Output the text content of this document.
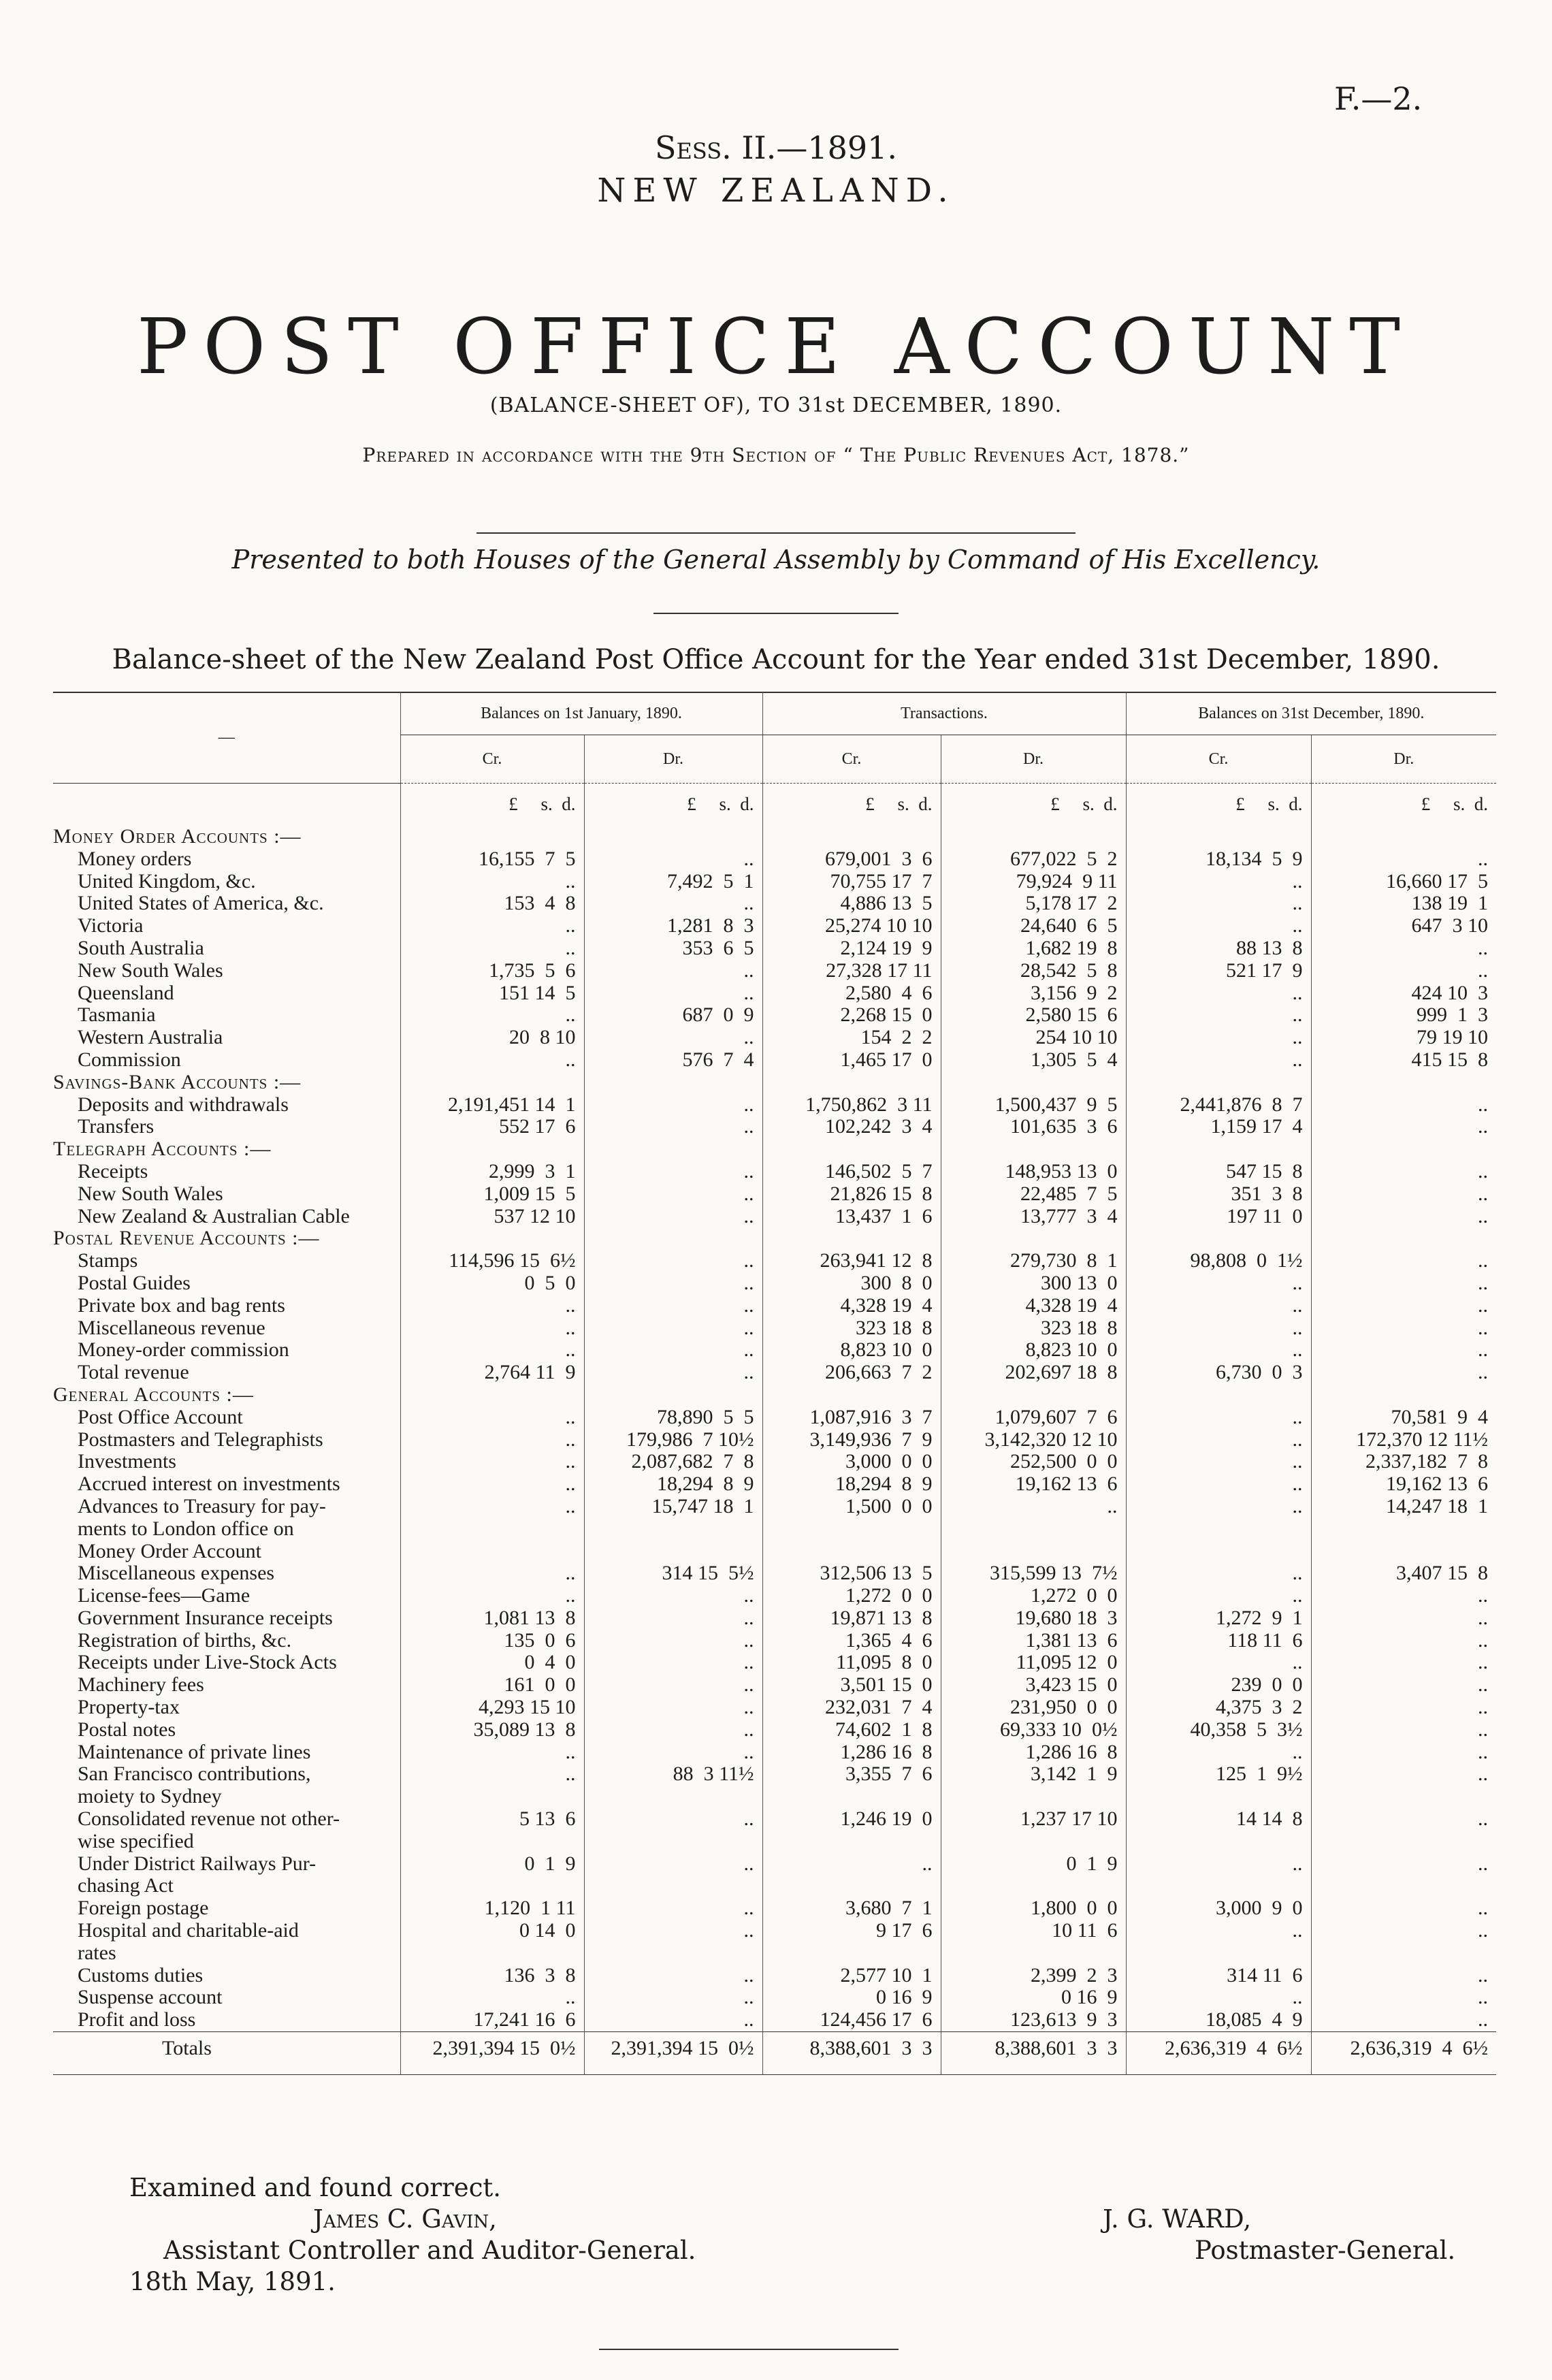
F.—2.
Sess. II.—1891.
NEW ZEALAND.
POST OFFICE ACCOUNT
(BALANCE-SHEET OF), TO 31st DECEMBER, 1890.
Prepared in accordance with the 9th Section of “ The Public Revenues Act, 1878.”
Presented to both Houses of the General Assembly by Command of His Excellency.
Balance-sheet of the New Zealand Post Office Account for the Year ended 31st December, 1890.
—	Balances on 1st January, 1890.		Transactions.		Balances on 31st December, 1890.	
	Cr.	Dr.	Cr.	Dr.	Cr.	Dr.
	£     s.  d.	£     s.  d.	£     s.  d.	£     s.  d.	£     s.  d.	£     s.  d.
Money Order Accounts :—						
Money orders	16,155  7  5	..	679,001  3  6	677,022  5  2	18,134  5  9	..
United Kingdom, &c.	..	7,492  5  1	70,755 17  7	79,924  9 11	..	16,660 17  5
United States of America, &c.	153  4  8	..	4,886 13  5	5,178 17  2	..	138 19  1
Victoria	..	1,281  8  3	25,274 10 10	24,640  6  5	..	647  3 10
South Australia	..	353  6  5	2,124 19  9	1,682 19  8	88 13  8	..
New South Wales	1,735  5  6	..	27,328 17 11	28,542  5  8	521 17  9	..
Queensland	151 14  5	..	2,580  4  6	3,156  9  2	..	424 10  3
Tasmania	..	687  0  9	2,268 15  0	2,580 15  6	..	999  1  3
Western Australia	20  8 10	..	154  2  2	254 10 10	..	79 19 10
Commission	..	576  7  4	1,465 17  0	1,305  5  4	..	415 15  8
Savings-Bank Accounts :—						
Deposits and withdrawals	2,191,451 14  1	..	1,750,862  3 11	1,500,437  9  5	2,441,876  8  7	..
Transfers	552 17  6	..	102,242  3  4	101,635  3  6	1,159 17  4	..
Telegraph Accounts :—						
Receipts	2,999  3  1	..	146,502  5  7	148,953 13  0	547 15  8	..
New South Wales	1,009 15  5	..	21,826 15  8	22,485  7  5	351  3  8	..
New Zealand & Australian Cable	537 12 10	..	13,437  1  6	13,777  3  4	197 11  0	..
Postal Revenue Accounts :—						
Stamps	114,596 15  6½	..	263,941 12  8	279,730  8  1	98,808  0  1½	..
Postal Guides	0  5  0	..	300  8  0	300 13  0	..	..
Private box and bag rents	..	..	4,328 19  4	4,328 19  4	..	..
Miscellaneous revenue	..	..	323 18  8	323 18  8	..	..
Money-order commission	..	..	8,823 10  0	8,823 10  0	..	..
Total revenue	2,764 11  9	..	206,663  7  2	202,697 18  8	6,730  0  3	..
General Accounts :—						
Post Office Account	..	78,890  5  5	1,087,916  3  7	1,079,607  7  6	..	70,581  9  4
Postmasters and Telegraphists	..	179,986  7 10½	3,149,936  7  9	3,142,320 12 10	..	172,370 12 11½
Investments	..	2,087,682  7  8	3,000  0  0	252,500  0  0	..	2,337,182  7  8
Accrued interest on investments	..	18,294  8  9	18,294  8  9	19,162 13  6	..	19,162 13  6
Advances to Treasury for pay-	..	15,747 18  1	1,500  0  0	..	..	14,247 18  1
ments to London office on						
Money Order Account						
Miscellaneous expenses	..	314 15  5½	312,506 13  5	315,599 13  7½	..	3,407 15  8
License-fees—Game	..	..	1,272  0  0	1,272  0  0	..	..
Government Insurance receipts	1,081 13  8	..	19,871 13  8	19,680 18  3	1,272  9  1	..
Registration of births, &c.	135  0  6	..	1,365  4  6	1,381 13  6	118 11  6	..
Receipts under Live-Stock Acts	0  4  0	..	11,095  8  0	11,095 12  0	..	..
Machinery fees	161  0  0	..	3,501 15  0	3,423 15  0	239  0  0	..
Property-tax	4,293 15 10	..	232,031  7  4	231,950  0  0	4,375  3  2	..
Postal notes	35,089 13  8	..	74,602  1  8	69,333 10  0½	40,358  5  3½	..
Maintenance of private lines	..	..	1,286 16  8	1,286 16  8	..	..
San Francisco contributions,	..	88  3 11½	3,355  7  6	3,142  1  9	125  1  9½	..
moiety to Sydney						
Consolidated revenue not other-	5 13  6	..	1,246 19  0	1,237 17 10	14 14  8	..
wise specified						
Under District Railways Pur-	0  1  9	..	..	0  1  9	..	..
chasing Act						
Foreign postage	1,120  1 11	..	3,680  7  1	1,800  0  0	3,000  9  0	..
Hospital and charitable-aid	0 14  0	..	9 17  6	10 11  6	..	..
rates						
Customs duties	136  3  8	..	2,577 10  1	2,399  2  3	314 11  6	..
Suspense account	..	..	0 16  9	0 16  9	..	..
Profit and loss	17,241 16  6	..	124,456 17  6	123,613  9  3	18,085  4  9	..
Totals	2,391,394 15  0½	2,391,394 15  0½	8,388,601  3  3	8,388,601  3  3	2,636,319  4  6½	2,636,319  4  6½
Examined and found correct.
James C. Gavin,
Assistant Controller and Auditor-General.
18th May, 1891.
J. G. WARD,
Postmaster-General.
